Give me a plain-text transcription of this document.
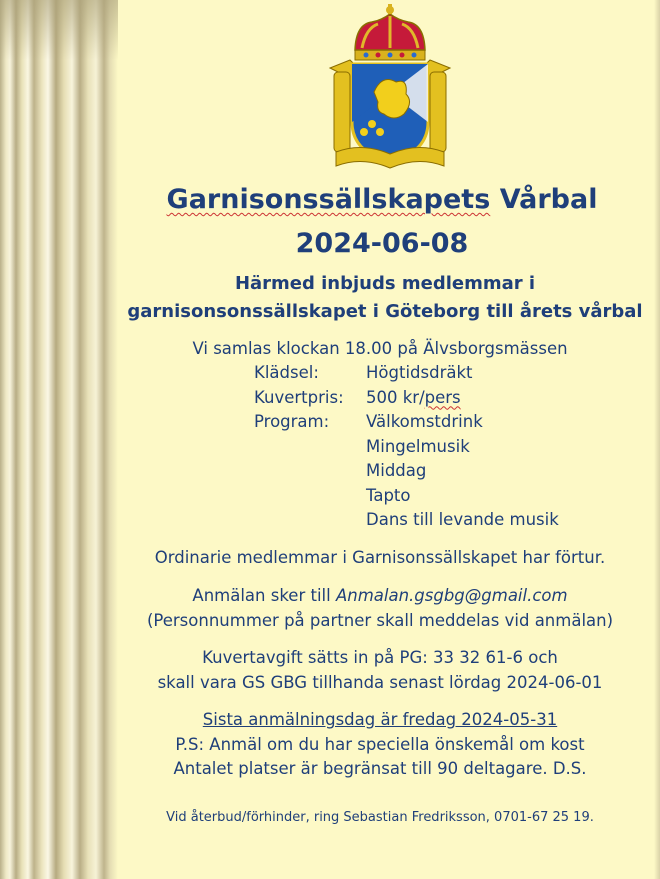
Garnisonssällskapets Vårbal
2024-06-08
Härmed inbjuds medlemmar i
garnisonsonssällskapet i Göteborg till årets vårbal
Vi samlas klockan 18.00 på Älvsborgsmässen
Klädsel:	Högtidsdräkt
Kuvertpris:	500 kr/pers
Program:	Välkomstdrink
Mingelmusik
Middag
Tapto
Dans till levande musik
Ordinarie medlemmar i Garnisonssällskapet har förtur.
Anmälan sker till Anmalan.gsgbg@gmail.com
(Personnummer på partner skall meddelas vid anmälan)
Kuvertavgift sätts in på PG: 33 32 61-6 och
skall vara GS GBG tillhanda senast lördag 2024-06-01
Sista anmälningsdag är fredag 2024-05-31
P.S: Anmäl om du har speciella önskemål om kost
Antalet platser är begränsat till 90 deltagare. D.S.
Vid återbud/förhinder, ring Sebastian Fredriksson, 0701-67 25 19.
